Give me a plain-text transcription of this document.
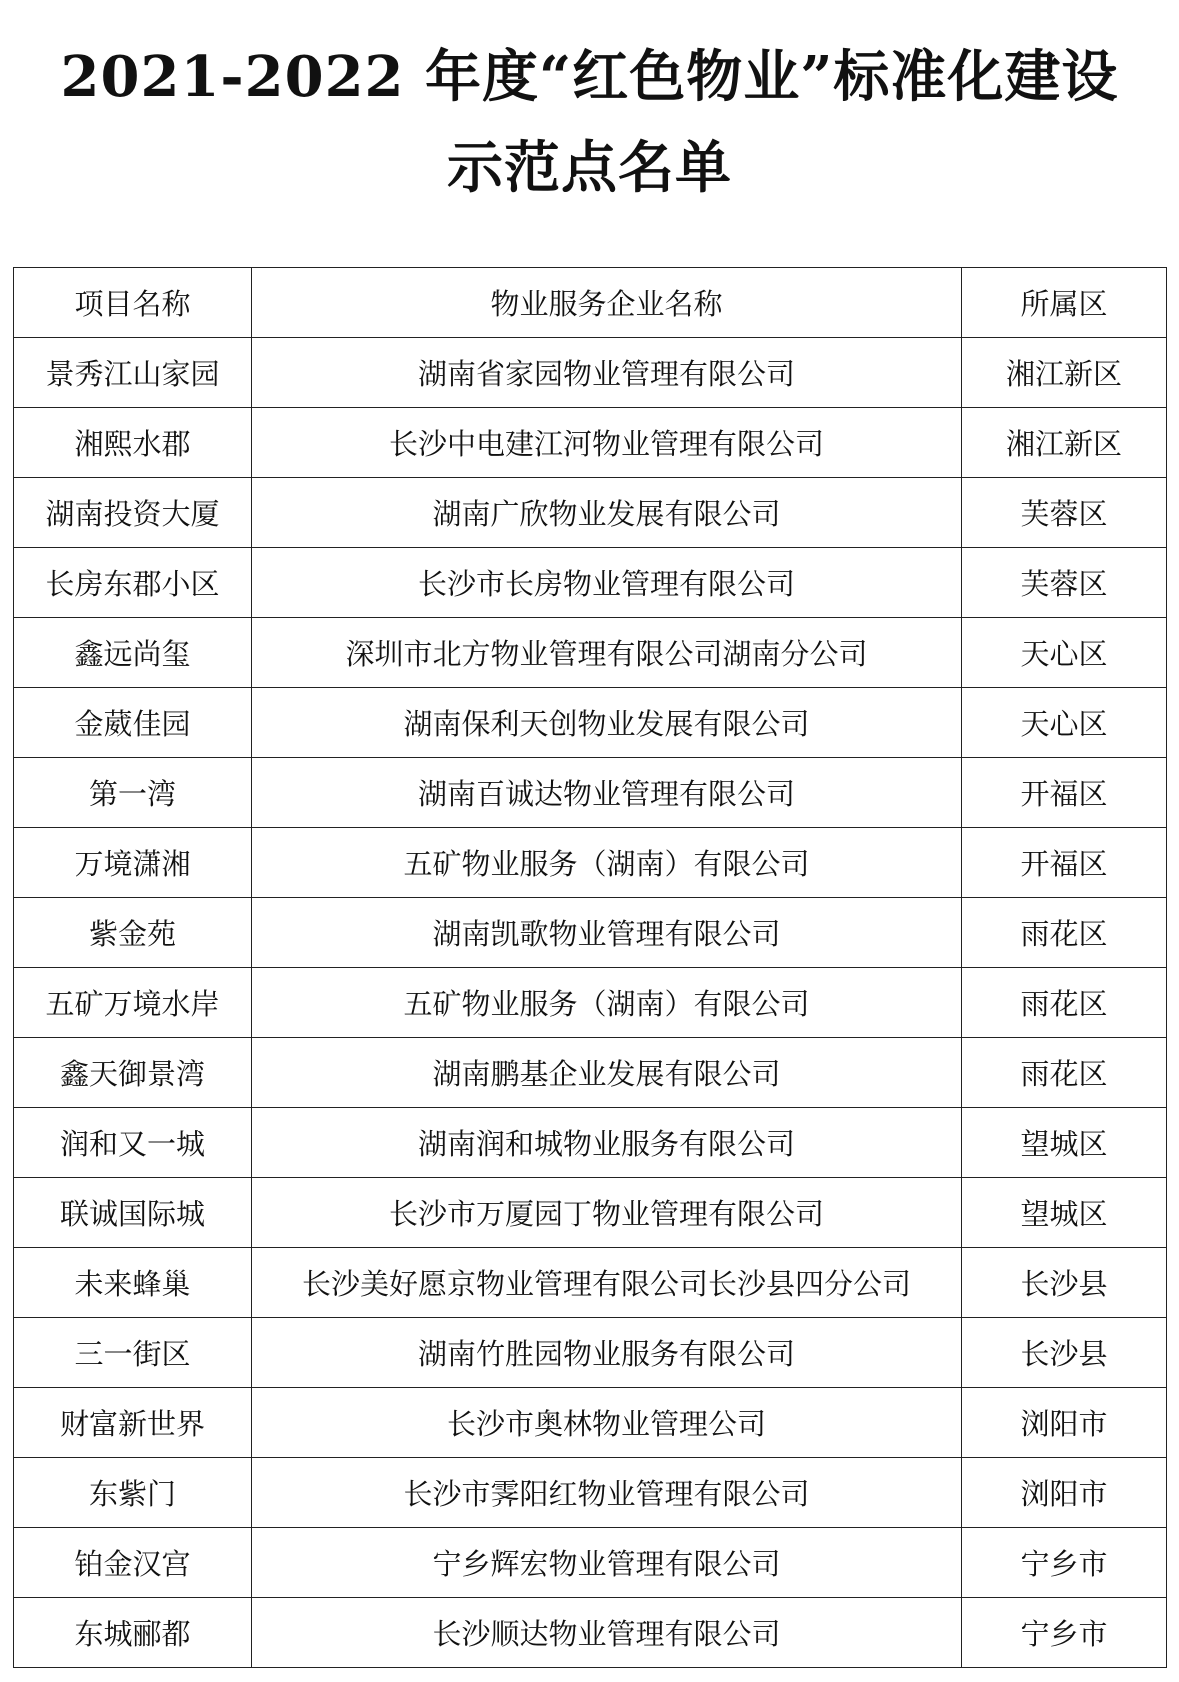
2021-2022 年度“红色物业”标准化建设
示范点名单
项目名称	物业服务企业名称	所属区
景秀江山家园	湖南省家园物业管理有限公司	湘江新区
湘熙水郡	长沙中电建江河物业管理有限公司	湘江新区
湖南投资大厦	湖南广欣物业发展有限公司	芙蓉区
长房东郡小区	长沙市长房物业管理有限公司	芙蓉区
鑫远尚玺	深圳市北方物业管理有限公司湖南分公司	天心区
金葳佳园	湖南保利天创物业发展有限公司	天心区
第一湾	湖南百诚达物业管理有限公司	开福区
万境潇湘	五矿物业服务（湖南）有限公司	开福区
紫金苑	湖南凯歌物业管理有限公司	雨花区
五矿万境水岸	五矿物业服务（湖南）有限公司	雨花区
鑫天御景湾	湖南鹏基企业发展有限公司	雨花区
润和又一城	湖南润和城物业服务有限公司	望城区
联诚国际城	长沙市万厦园丁物业管理有限公司	望城区
未来蜂巢	长沙美好愿京物业管理有限公司长沙县四分公司	长沙县
三一街区	湖南竹胜园物业服务有限公司	长沙县
财富新世界	长沙市奥林物业管理公司	浏阳市
东紫门	长沙市霁阳红物业管理有限公司	浏阳市
铂金汉宫	宁乡辉宏物业管理有限公司	宁乡市
东城郦都	长沙顺达物业管理有限公司	宁乡市
